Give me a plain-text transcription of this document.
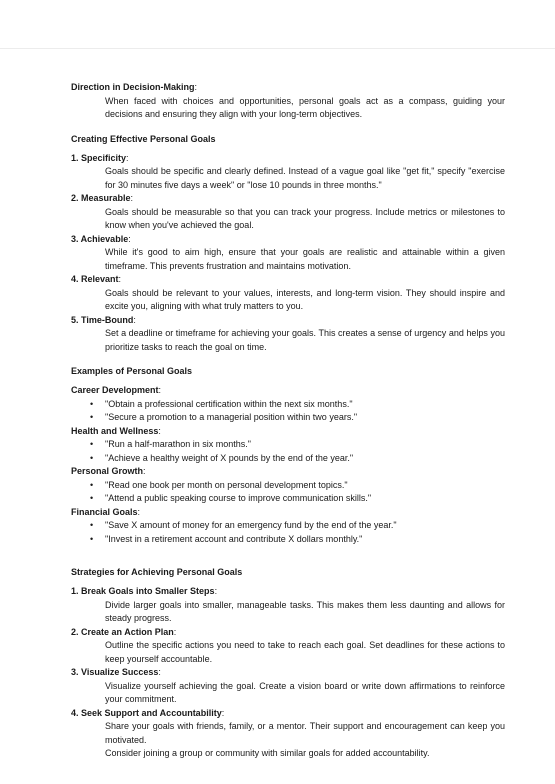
Direction in Decision-Making:

When faced with choices and opportunities, personal goals act as a compass, guiding your decisions and ensuring they align with your long-term objectives.

Creating Effective Personal Goals

1. Specificity:

Goals should be specific and clearly defined. Instead of a vague goal like "get fit," specify "exercise for 30 minutes five days a week" or "lose 10 pounds in three months."

2. Measurable:

Goals should be measurable so that you can track your progress. Include metrics or milestones to know when you've achieved the goal.

3. Achievable:

While it's good to aim high, ensure that your goals are realistic and attainable within a given timeframe. This prevents frustration and maintains motivation.

4. Relevant:

Goals should be relevant to your values, interests, and long-term vision. They should inspire and excite you, aligning with what truly matters to you.

5. Time-Bound:

Set a deadline or timeframe for achieving your goals. This creates a sense of urgency and helps you prioritize tasks to reach the goal on time.

Examples of Personal Goals

Career Development:

• "Obtain a professional certification within the next six months."
• "Secure a promotion to a managerial position within two years."

Health and Wellness:

• "Run a half-marathon in six months."
• "Achieve a healthy weight of X pounds by the end of the year."

Personal Growth:

• "Read one book per month on personal development topics."
• "Attend a public speaking course to improve communication skills."

Financial Goals:

• "Save X amount of money for an emergency fund by the end of the year."
• "Invest in a retirement account and contribute X dollars monthly."

Strategies for Achieving Personal Goals

1. Break Goals into Smaller Steps:

Divide larger goals into smaller, manageable tasks. This makes them less daunting and allows for steady progress.

2. Create an Action Plan:

Outline the specific actions you need to take to reach each goal. Set deadlines for these actions to keep yourself accountable.

3. Visualize Success:

Visualize yourself achieving the goal. Create a vision board or write down affirmations to reinforce your commitment.

4. Seek Support and Accountability:

Share your goals with friends, family, or a mentor. Their support and encouragement can keep you motivated.

Consider joining a group or community with similar goals for added accountability.
